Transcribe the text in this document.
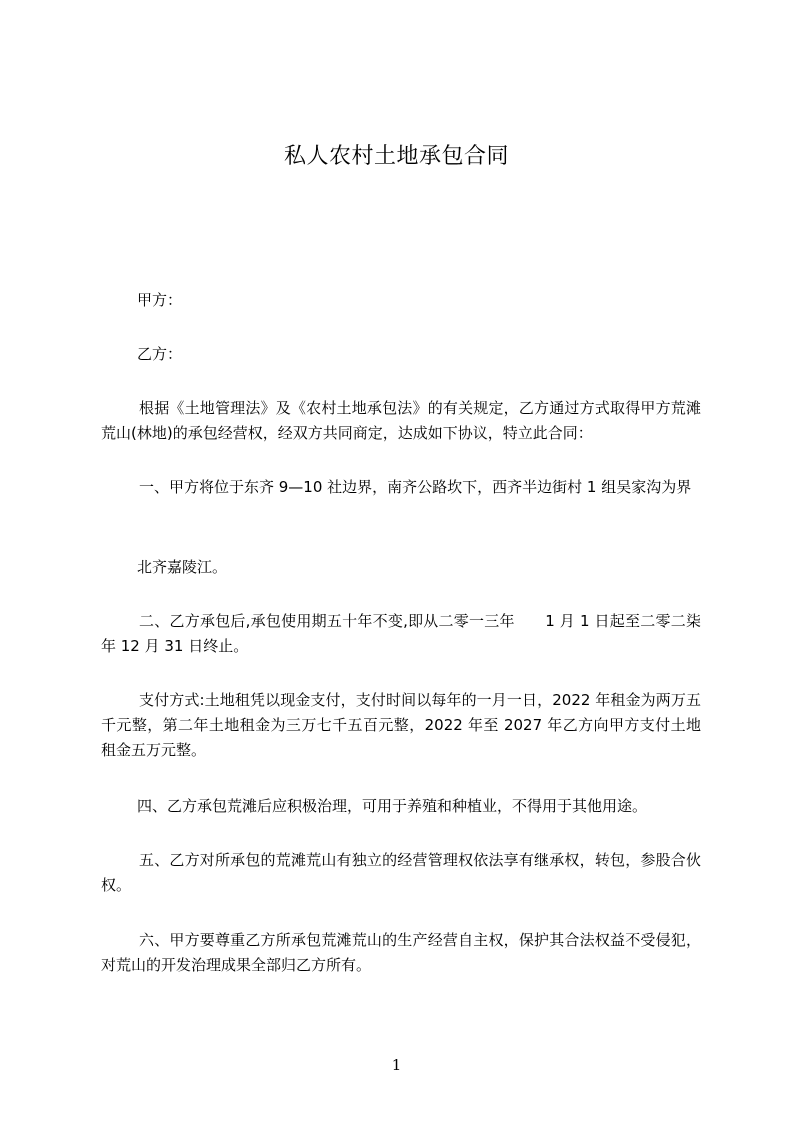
私人农村土地承包合同
甲方：
乙方：
根据《土地管理法》及《农村土地承包法》的有关规定，乙方通过方式取得甲方荒滩荒山(林地)的承包经营权，经双方共同商定，达成如下协议，特立此合同：
一、甲方将位于东齐 9—10 社边界，南齐公路坎下，西齐半边街村 1 组吴家沟为界
北齐嘉陵江。
二、乙方承包后,承包使用期五十年不变,即从二零一三年　　1 月 1 日起至二零二柒年 12 月 31 日终止。
支付方式:土地租凭以现金支付，支付时间以每年的一月一日，2022 年租金为两万五千元整，第二年土地租金为三万七千五百元整，2022 年至 2027 年乙方向甲方支付土地租金五万元整。
四、乙方承包荒滩后应积极治理，可用于养殖和种植业，不得用于其他用途。
五、乙方对所承包的荒滩荒山有独立的经营管理权依法享有继承权，转包，参股合伙权。
六、甲方要尊重乙方所承包荒滩荒山的生产经营自主权，保护其合法权益不受侵犯，对荒山的开发治理成果全部归乙方所有。
1
